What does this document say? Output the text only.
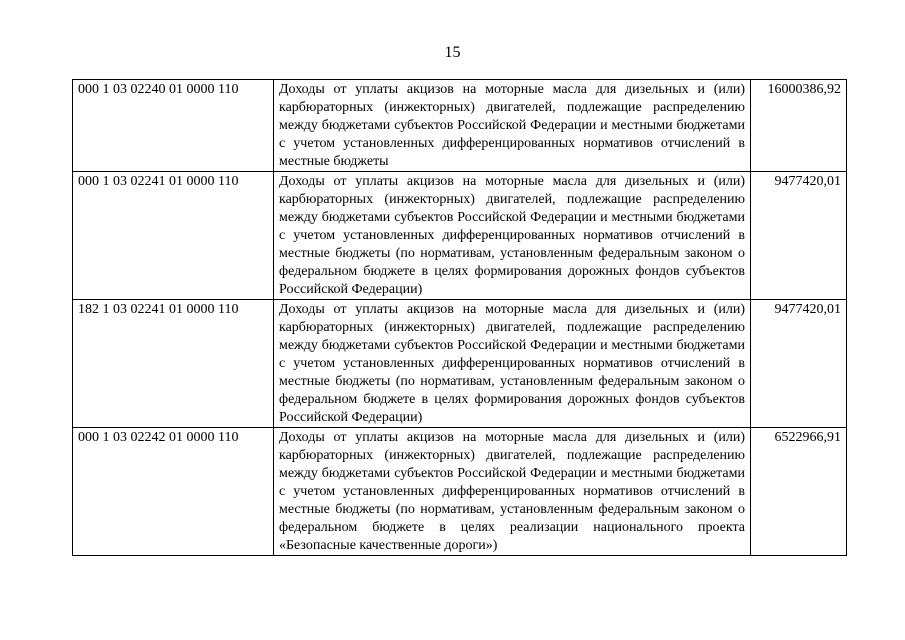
15
000 1 03 02240 01 0000 110	Доходы от уплаты акцизов на моторные масла для дизельных и (или) карбюраторных (инжекторных) двигателей, подлежащие распределению между бюджетами субъектов Российской Федерации и местными бюджетами с учетом установленных дифференцированных нормативов отчислений в местные бюджеты	16000386,92
000 1 03 02241 01 0000 110	Доходы от уплаты акцизов на моторные масла для дизельных и (или) карбюраторных (инжекторных) двигателей, подлежащие распределению между бюджетами субъектов Российской Федерации и местными бюджетами с учетом установленных дифференцированных нормативов отчислений в местные бюджеты (по нормативам, установленным федеральным законом о федеральном бюджете в целях формирования дорожных фондов субъектов Российской Федерации)	9477420,01
182 1 03 02241 01 0000 110	Доходы от уплаты акцизов на моторные масла для дизельных и (или) карбюраторных (инжекторных) двигателей, подлежащие распределению между бюджетами субъектов Российской Федерации и местными бюджетами с учетом установленных дифференцированных нормативов отчислений в местные бюджеты (по нормативам, установленным федеральным законом о федеральном бюджете в целях формирования дорожных фондов субъектов Российской Федерации)	9477420,01
000 1 03 02242 01 0000 110	Доходы от уплаты акцизов на моторные масла для дизельных и (или) карбюраторных (инжекторных) двигателей, подлежащие распределению между бюджетами субъектов Российской Федерации и местными бюджетами с учетом установленных дифференцированных нормативов отчислений в местные бюджеты (по нормативам, установленным федеральным законом о федеральном бюджете в целях реализации национального проекта «Безопасные качественные дороги»)	6522966,91
